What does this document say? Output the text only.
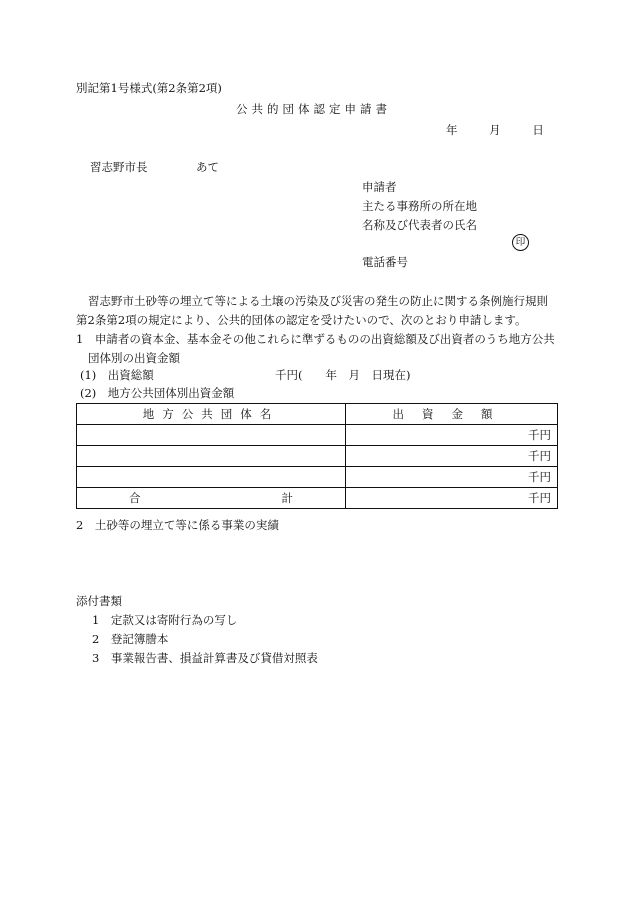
別記第1号様式(第2条第2項)
公共的団体認定申請書
年	月	日
習志野市長	あて
申請者
主たる事務所の所在地
名称及び代表者の氏名
印
電話番号
習志野市土砂等の埋立て等による土壌の汚染及び災害の発生の防止に関する条例施行規則第2条第2項の規定により、公共的団体の認定を受けたいので、次のとおり申請します。
1　申請者の資本金、基本金その他これらに準ずるものの出資総額及び出資者のうち地方公共団体別の出資金額
(1)　出資総額	千円(　　年　月　日現在)
(2)　地方公共団体別出資金額
地方公共団体名	出資金額
	千円
	千円
	千円
合計	千円
2　土砂等の埋立て等に係る事業の実績
添付書類
1　定款又は寄附行為の写し
2　登記簿謄本
3　事業報告書、損益計算書及び貸借対照表
